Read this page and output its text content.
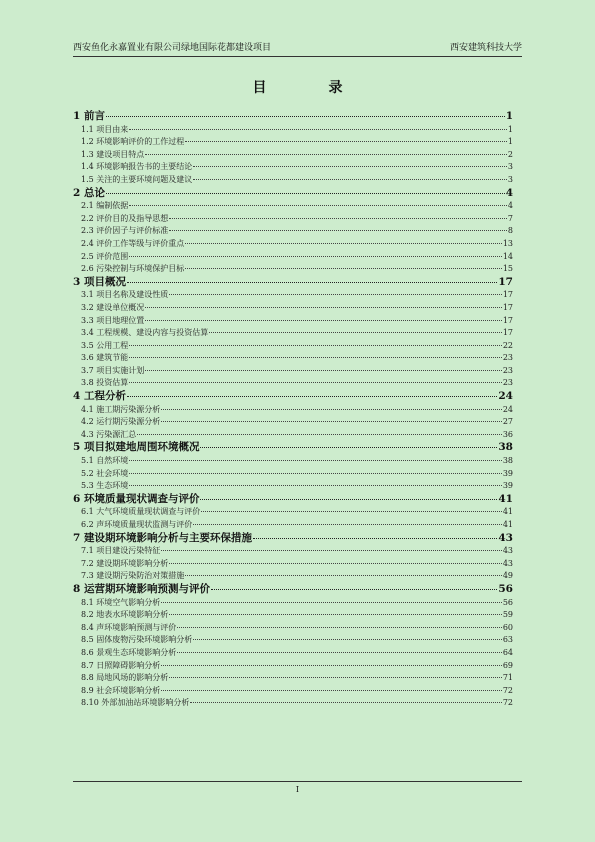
西安鱼化永嘉置业有限公司绿地国际花都建设项目	西安建筑科技大学
目　录
1 前言	1
1.1 项目由来	1
1.2 环境影响评价的工作过程	1
1.3 建设项目特点	2
1.4 环境影响报告书的主要结论	3
1.5 关注的主要环境问题及建议	3
2 总论	4
2.1 编制依据	4
2.2 评价目的及指导思想	7
2.3 评价因子与评价标准	8
2.4 评价工作等级与评价重点	13
2.5 评价范围	14
2.6 污染控制与环境保护目标	15
3 项目概况	17
3.1 项目名称及建设性质	17
3.2 建设单位概况	17
3.3 项目地理位置	17
3.4 工程规模、建设内容与投资估算	17
3.5 公用工程	22
3.6 建筑节能	23
3.7 项目实施计划	23
3.8 投资估算	23
4 工程分析	24
4.1 施工期污染源分析	24
4.2 运行期污染源分析	27
4.3 污染源汇总	36
5 项目拟建地周围环境概况	38
5.1 自然环境	38
5.2 社会环境	39
5.3 生态环境	39
6 环境质量现状调查与评价	41
6.1 大气环境质量现状调查与评价	41
6.2 声环境质量现状监测与评价	41
7 建设期环境影响分析与主要环保措施	43
7.1 项目建设污染特征	43
7.2 建设期环境影响分析	43
7.3 建设期污染防治对策措施	49
8 运营期环境影响预测与评价	56
8.1 环境空气影响分析	56
8.2 地表水环境影响分析	59
8.4 声环境影响预测与评价	60
8.5 固体废物污染环境影响分析	63
8.6 景观生态环境影响分析	64
8.7 日照障碍影响分析	69
8.8 局地风场的影响分析	71
8.9 社会环境影响分析	72
8.10 外部加油站环境影响分析	72
I
